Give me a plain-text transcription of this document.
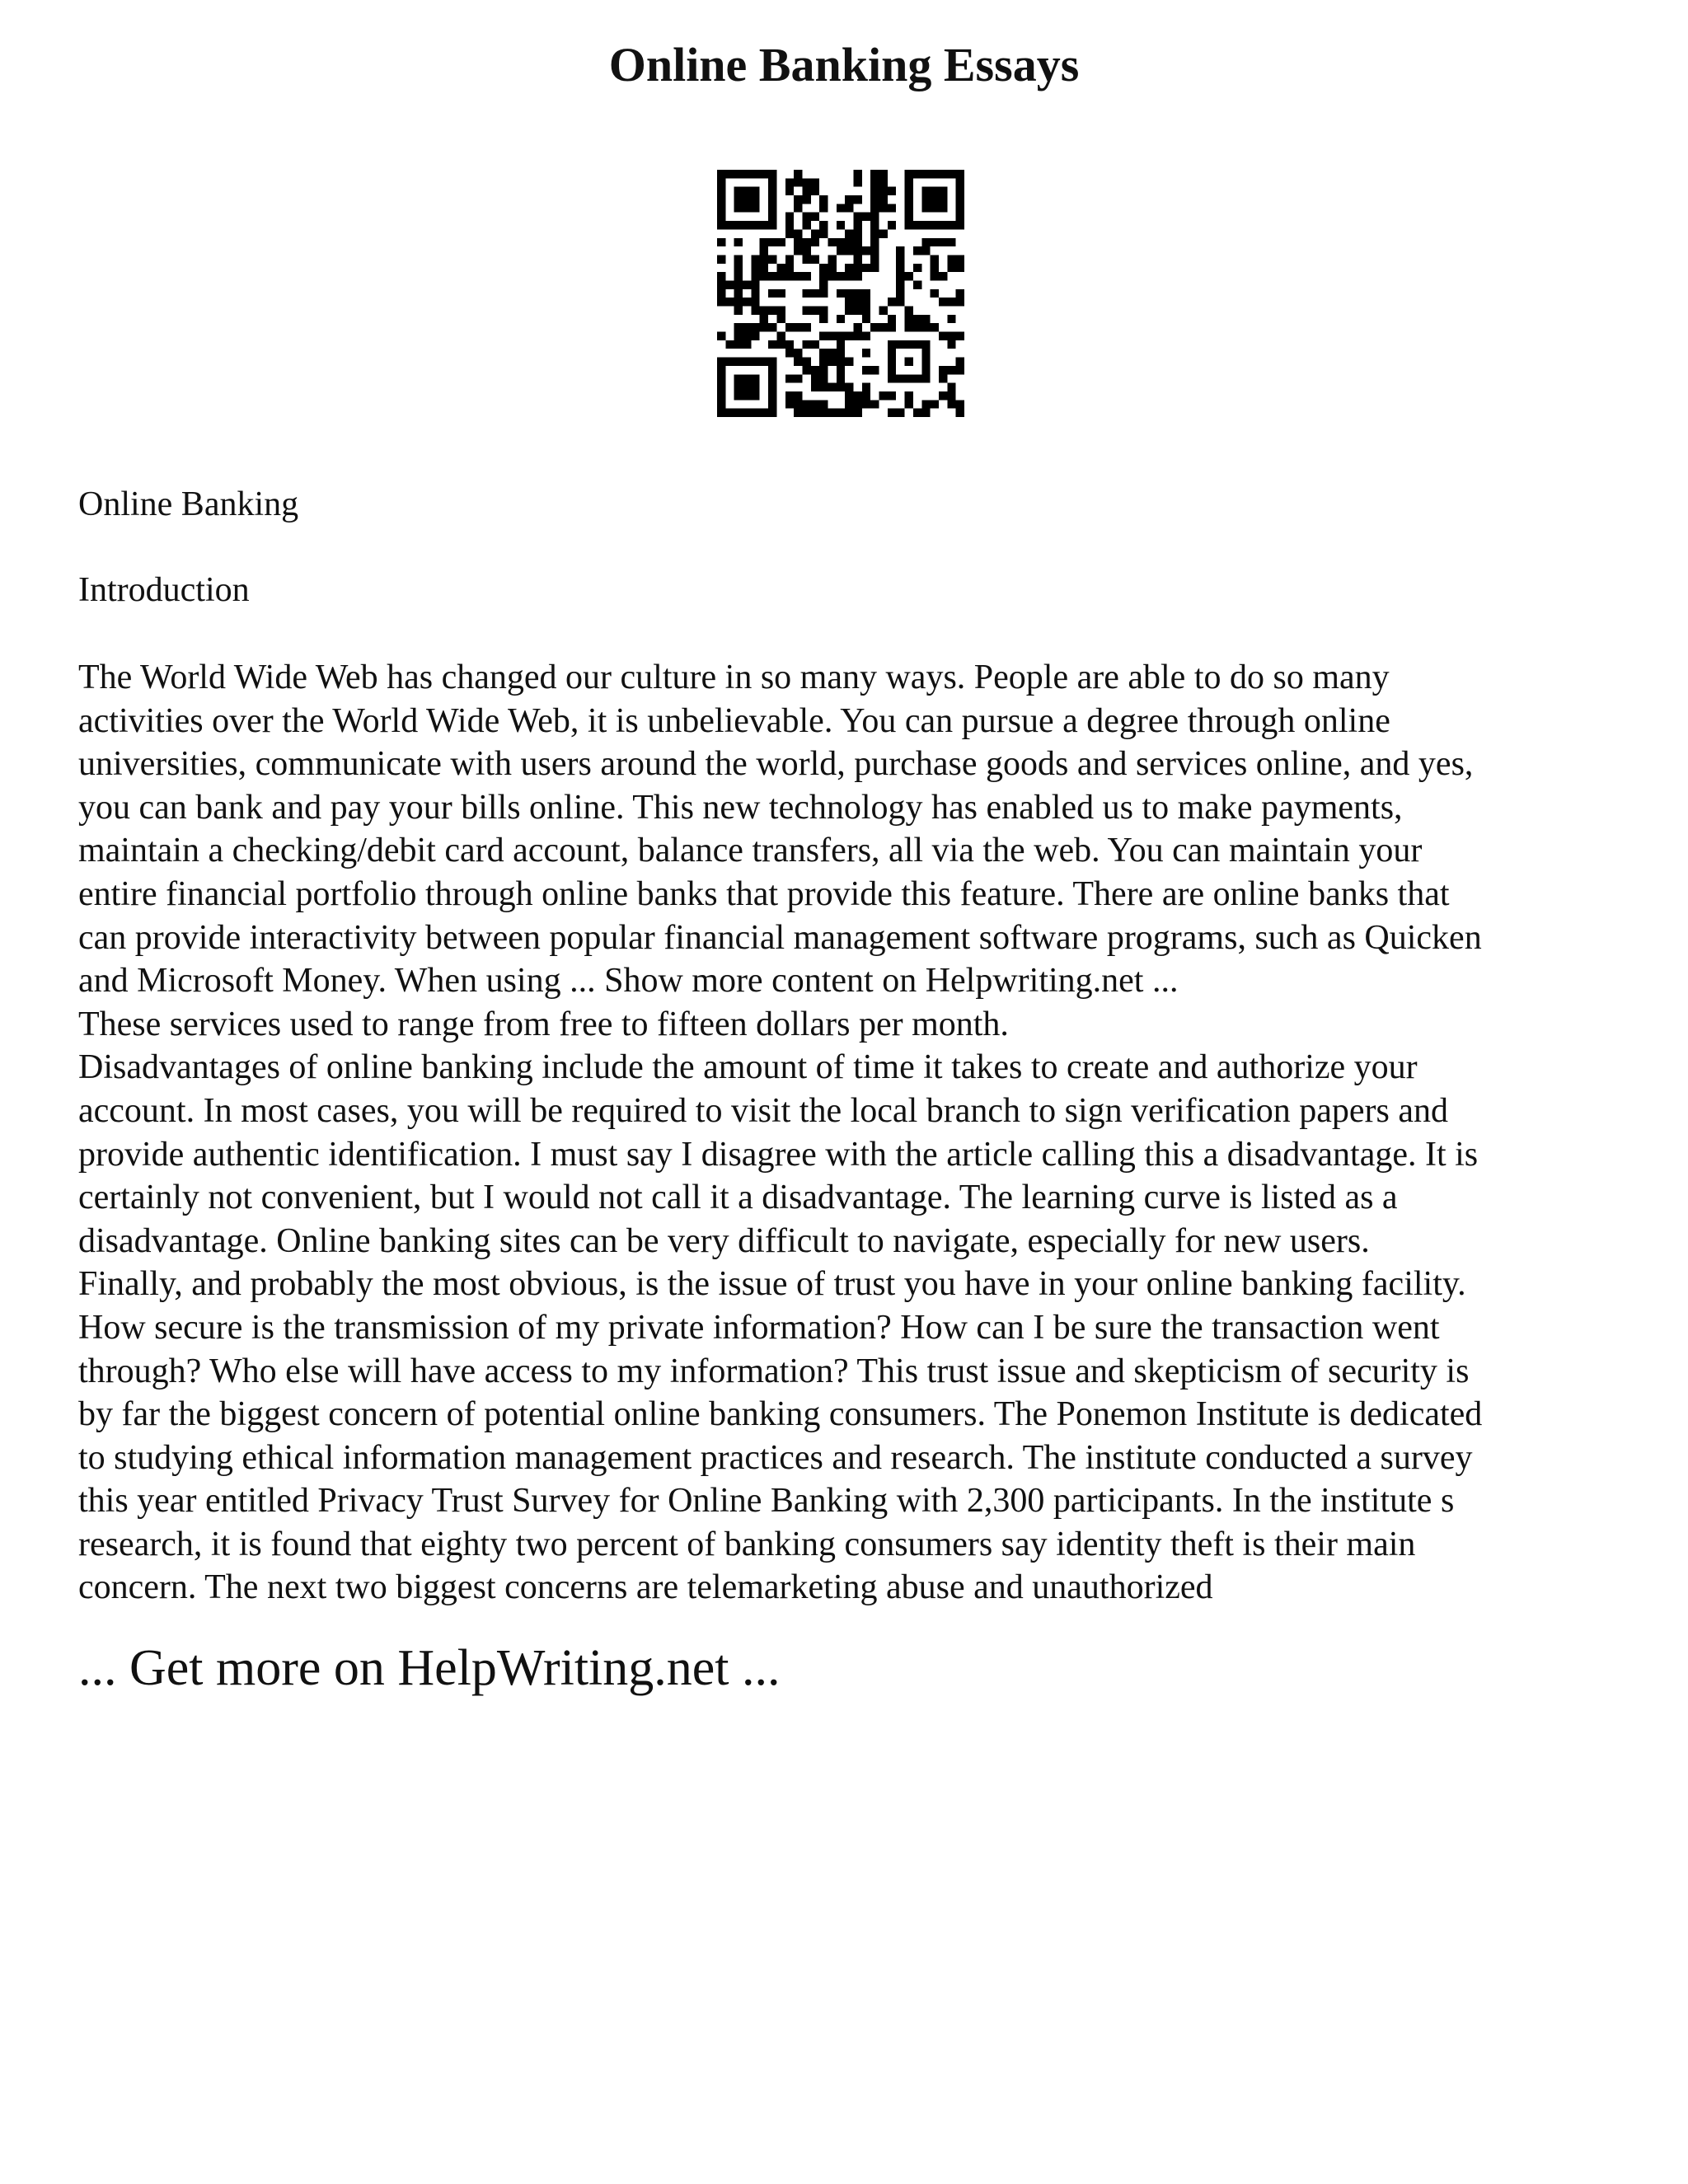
Online Banking Essays

Online Banking

Introduction

The World Wide Web has changed our culture in so many ways. People are able to do so many
activities over the World Wide Web, it is unbelievable. You can pursue a degree through online
universities, communicate with users around the world, purchase goods and services online, and yes,
you can bank and pay your bills online. This new technology has enabled us to make payments,
maintain a checking/debit card account, balance transfers, all via the web. You can maintain your
entire financial portfolio through online banks that provide this feature. There are online banks that
can provide interactivity between popular financial management software programs, such as Quicken
and Microsoft Money. When using ... Show more content on Helpwriting.net ...
These services used to range from free to fifteen dollars per month.
Disadvantages of online banking include the amount of time it takes to create and authorize your
account. In most cases, you will be required to visit the local branch to sign verification papers and
provide authentic identification. I must say I disagree with the article calling this a disadvantage. It is
certainly not convenient, but I would not call it a disadvantage. The learning curve is listed as a
disadvantage. Online banking sites can be very difficult to navigate, especially for new users.
Finally, and probably the most obvious, is the issue of trust you have in your online banking facility.
How secure is the transmission of my private information? How can I be sure the transaction went
through? Who else will have access to my information? This trust issue and skepticism of security is
by far the biggest concern of potential online banking consumers. The Ponemon Institute is dedicated
to studying ethical information management practices and research. The institute conducted a survey
this year entitled Privacy Trust Survey for Online Banking with 2,300 participants. In the institute s
research, it is found that eighty two percent of banking consumers say identity theft is their main
concern. The next two biggest concerns are telemarketing abuse and unauthorized

... Get more on HelpWriting.net ...
